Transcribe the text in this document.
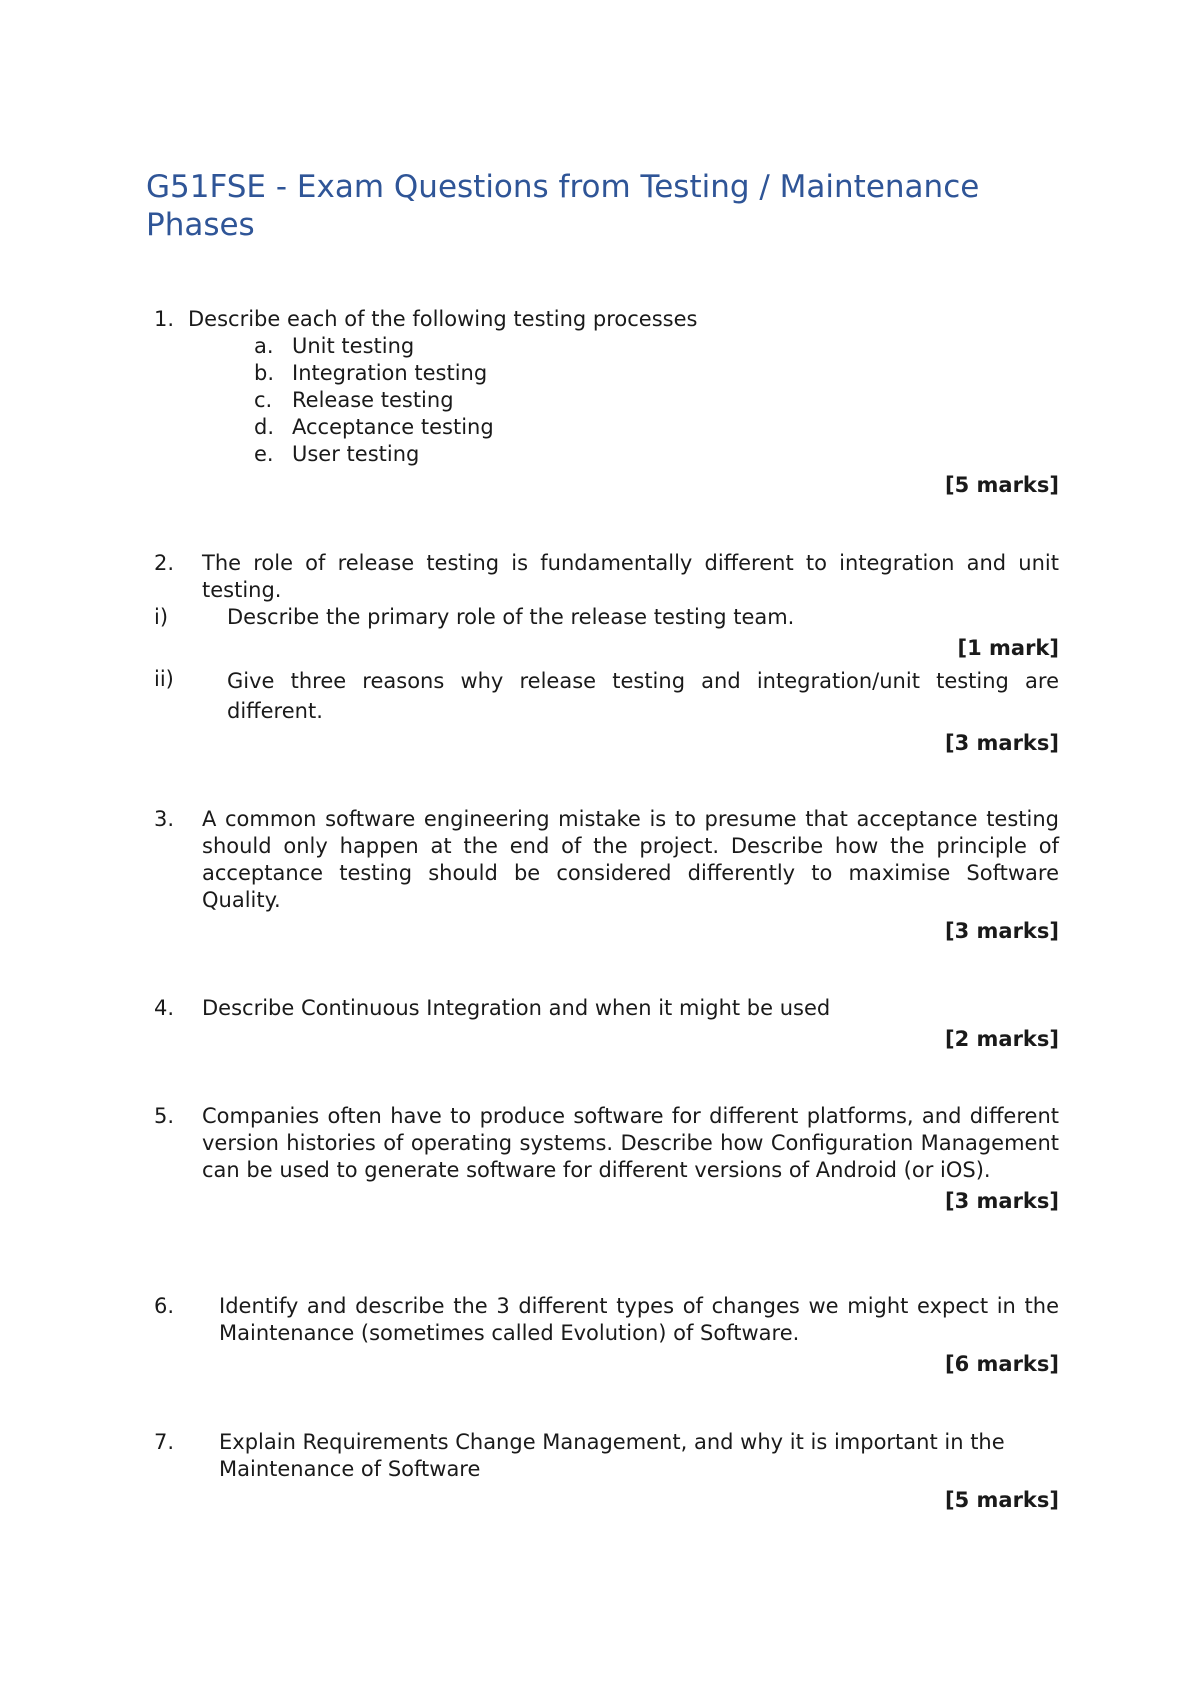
G51FSE - Exam Questions from Testing / Maintenance Phases
1. Describe each of the following testing processes
a. Unit testing
b. Integration testing
c. Release testing
d. Acceptance testing
e. User testing
[5 marks]
2. The role of release testing is fundamentally different to integration and unit testing.
i)	Describe the primary role of the release testing team.
[1 mark]
ii)	Give three reasons why release testing and integration/unit testing are different.
[3 marks]
3. A common software engineering mistake is to presume that acceptance testing should only happen at the end of the project. Describe how the principle of acceptance testing should be considered differently to maximise Software Quality.
[3 marks]
4. Describe Continuous Integration and when it might be used
[2 marks]
5. Companies often have to produce software for different platforms, and different version histories of operating systems. Describe how Configuration Management can be used to generate software for different versions of Android (or iOS).
[3 marks]
6. Identify and describe the 3 different types of changes we might expect in the Maintenance (sometimes called Evolution) of Software.
[6 marks]
7. Explain Requirements Change Management, and why it is important in the Maintenance of Software
[5 marks]
